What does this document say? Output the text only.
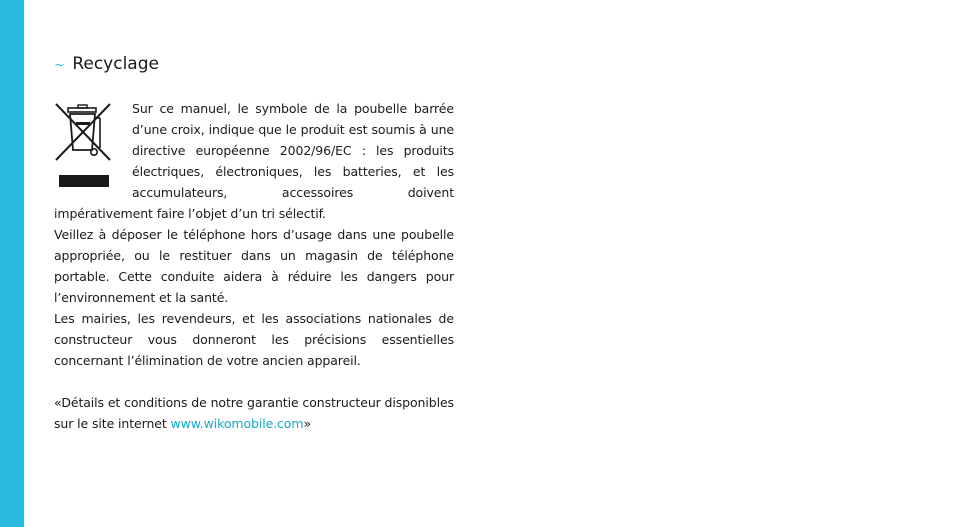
~ Recyclage

Sur ce manuel, le symbole de la poubelle barrée d’une croix, indique que le produit est soumis à une directive européenne 2002/96/EC : les produits électriques, électroniques, les batteries, et les accumulateurs, accessoires doivent impérativement faire l’objet d’un tri sélectif.

Veillez à déposer le téléphone hors d’usage dans une poubelle appropriée, ou le restituer dans un magasin de téléphone portable. Cette conduite aidera à réduire les dangers pour l’environnement et la santé.

Les mairies, les revendeurs, et les associations nationales de constructeur vous donneront les précisions essentielles concernant l’élimination de votre ancien appareil.

«Détails et conditions de notre garantie constructeur disponibles sur le site internet www.wikomobile.com»
